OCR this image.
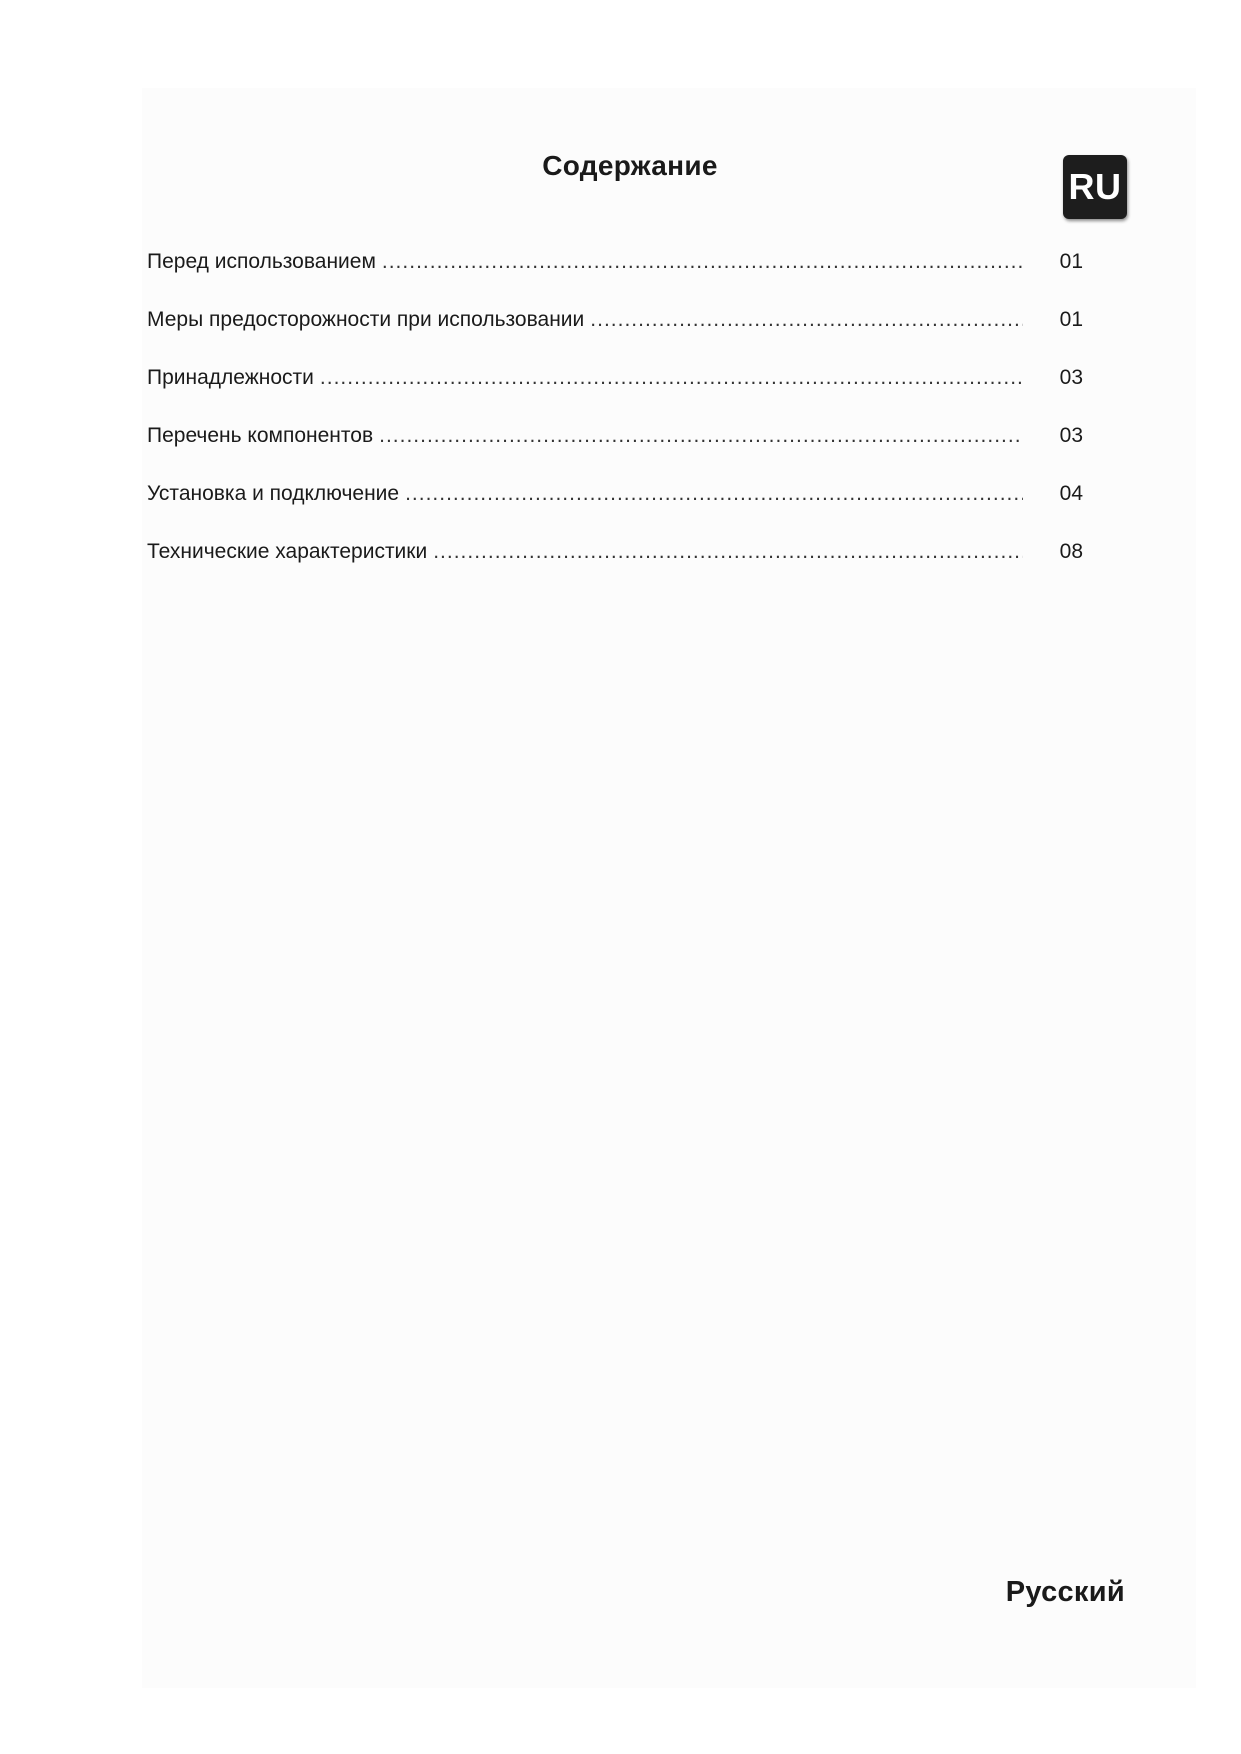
Содержание
RU
Перед использованием .....	01
Меры предосторожности при использовании .....	01
Принадлежности .....	03
Перечень компонентов .....	03
Установка и подключение .....	04
Технические характеристики .....	08
Русский
